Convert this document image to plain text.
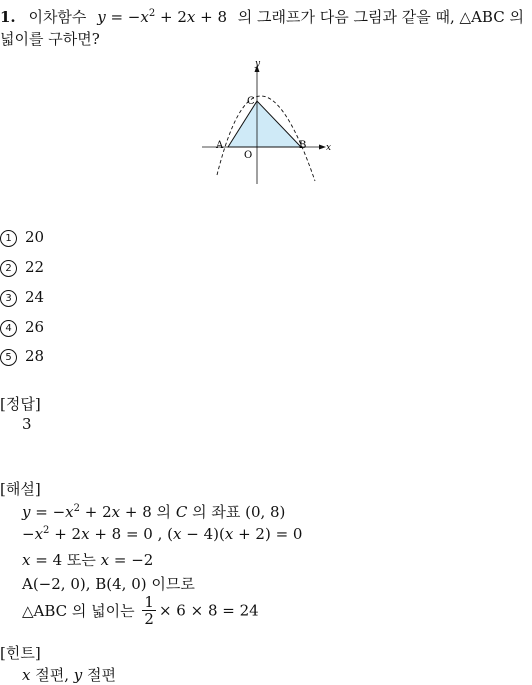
1. 이차함수 $y = -x^2 + 2x + 8$ 의 그래프가 다음 그림과 같을 때, △ABC 의
넓이를 구하면?
y
x
C
A	B
O
1 20
2 22
3 24
4 26
5 28
[정답]
3
[해설]
$y = -x^2 + 2x + 8$ 의 C 의 좌표 (0, 8)
$-x^2 + 2x + 8 = 0$ , (x − 4)(x + 2) = 0
x = 4 또는 x = −2
A(−2, 0), B(4, 0) 이므로
△ABC 의 넓이는 $\frac{1}{2} \times 6 \times 8 = 24$
[힌트]
x 절편, y 절편
